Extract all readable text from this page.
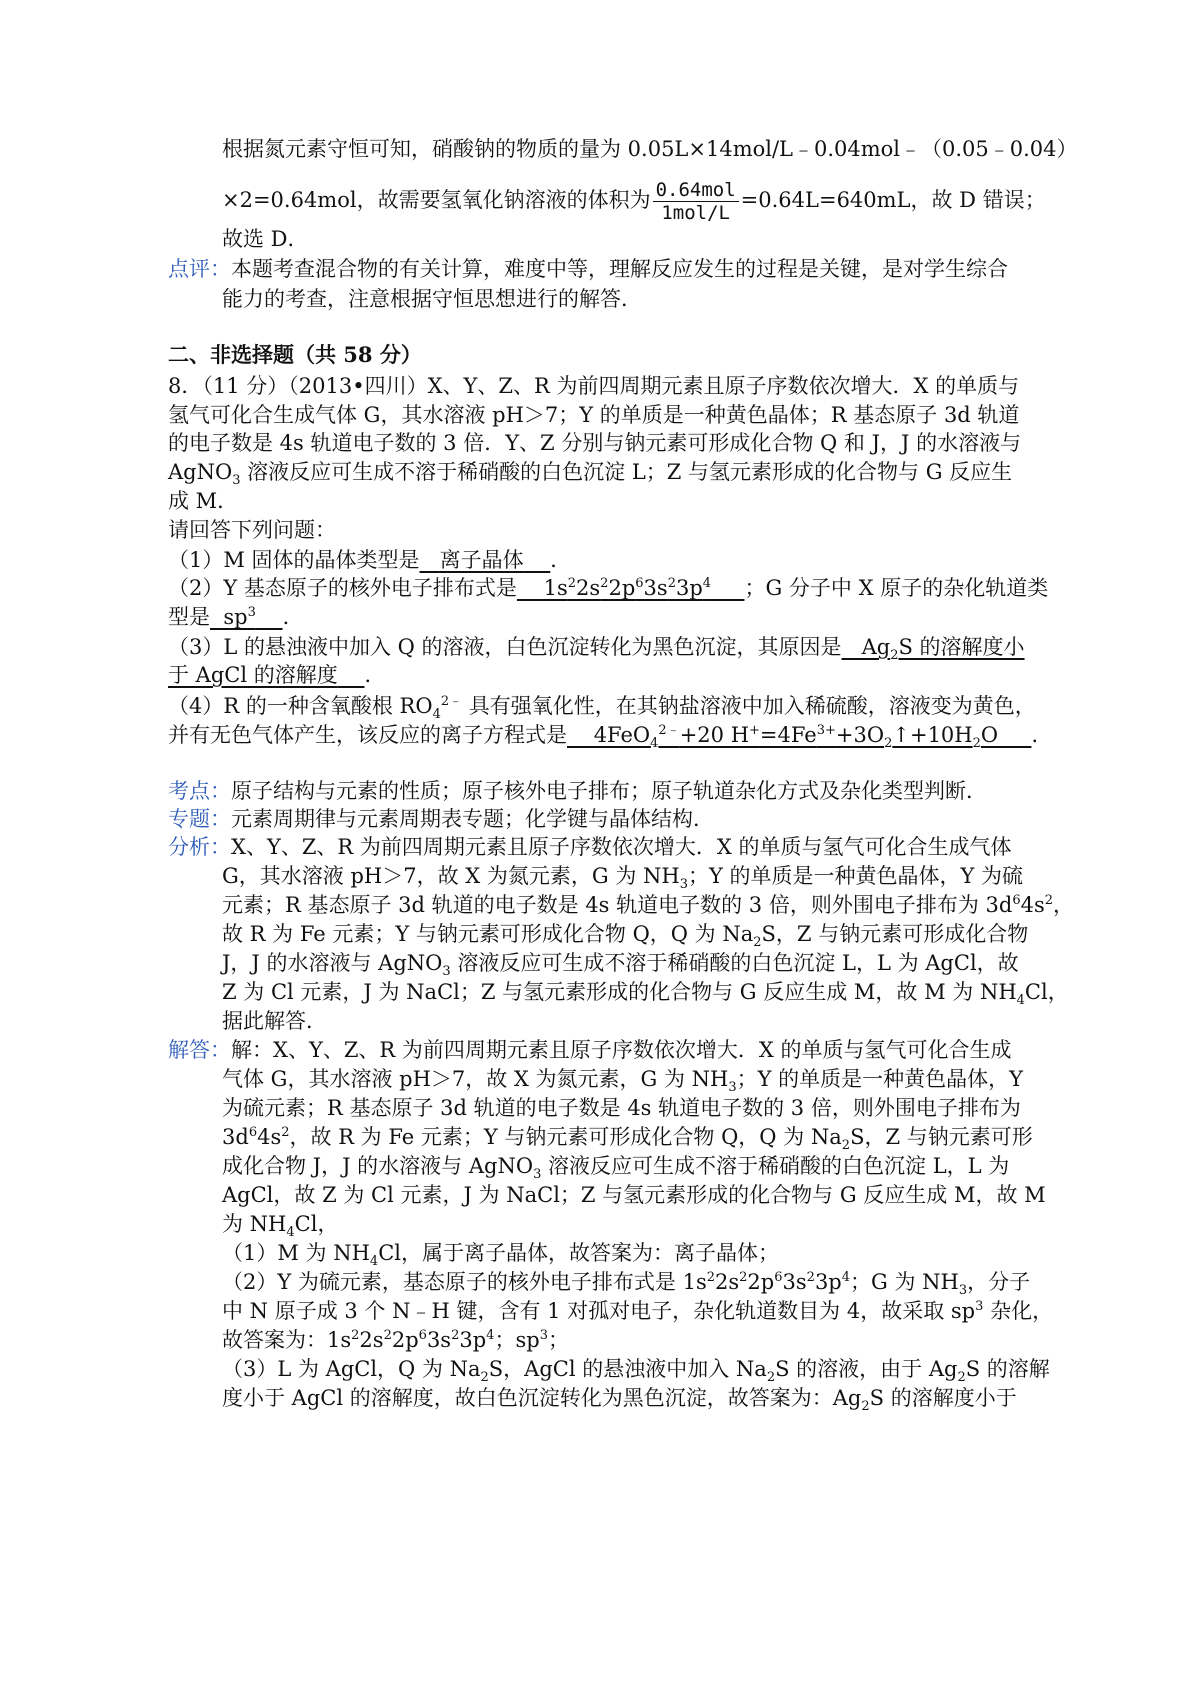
根据氮元素守恒可知，硝酸钠的物质的量为 0.05L×14mol/L﹣0.04mol﹣（0.05﹣0.04）
×2=0.64mol，故需要氢氧化钠溶液的体积为 $\frac{\text{0.64mol}}{\text{1mol/L}} =0.64L=640mL$，故 D 错误；
故选 D．
点评：本题考查混合物的有关计算，难度中等，理解反应发生的过程是关键，是对学生综合
能力的考查，注意根据守恒思想进行的解答．
二、非选择题（共 58 分）
8．（11 分）（2013•四川）X、Y、Z、R 为前四周期元素且原子序数依次增大．X 的单质与
氢气可化合生成气体 G，其水溶液 pH＞7；Y 的单质是一种黄色晶体；R 基态原子 3d 轨道
的电子数是 4s 轨道电子数的 3 倍．Y、Z 分别与钠元素可形成化合物 Q 和 J，J 的水溶液与
AgNO$_3$ 溶液反应可生成不溶于稀硝酸的白色沉淀 L；Z 与氢元素形成的化合物与 G 反应生
成 M．
请回答下列问题：
（1）M 固体的晶体类型是 离子晶体 ．
（2）Y 基态原子的核外电子排布式是    $1s^22s^22p^63s^23p^4$ ；G 分子中 X 原子的杂化轨道类
型是  $sp^3$ ．
（3）L 的悬浊液中加入 Q 的溶液，白色沉淀转化为黑色沉淀，其原因是 $Ag_2S$ 的溶解度小
于 AgCl 的溶解度 ．
（4）R 的一种含氧酸根 $RO_4^{2﹣}$ 具有强氧化性，在其钠盐溶液中加入稀硫酸，溶液变为黄色，
并有无色气体产生，该反应的离子方程式是    4FeO$_4^{2﹣}$+20 $H^+=4Fe^{3+}+3O_2↑+10H_2O$     ．
考点：原子结构与元素的性质；原子核外电子排布；原子轨道杂化方式及杂化类型判断．
专题：元素周期律与元素周期表专题；化学键与晶体结构．
分析：X、Y、Z、R 为前四周期元素且原子序数依次增大．X 的单质与氢气可化合生成气体
G，其水溶液 pH＞7，故 X 为氮元素，G 为 $NH_3$；Y 的单质是一种黄色晶体，Y 为硫
元素；R 基态原子 3d 轨道的电子数是 4s 轨道电子数的 3 倍，则外围电子排布为 $3d^64s^2$，
故 R 为 Fe 元素；Y 与钠元素可形成化合物 Q，Q 为 $Na_2S$，Z 与钠元素可形成化合物
J，J 的水溶液与 AgNO$_3$ 溶液反应可生成不溶于稀硝酸的白色沉淀 L，L 为 AgCl，故
Z 为 Cl 元素，J 为 NaCl；Z 与氢元素形成的化合物与 G 反应生成 M，故 M 为 $NH_4Cl$，
据此解答．
解答：解：X、Y、Z、R 为前四周期元素且原子序数依次增大．X 的单质与氢气可化合生成
气体 G，其水溶液 pH＞7，故 X 为氮元素，G 为 $NH_3$；Y 的单质是一种黄色晶体，Y
为硫元素；R 基态原子 3d 轨道的电子数是 4s 轨道电子数的 3 倍，则外围电子排布为
$3d^64s^2$，故 R 为 Fe 元素；Y 与钠元素可形成化合物 Q，Q 为 $Na_2S$，Z 与钠元素可形
成化合物 J，J 的水溶液与 AgNO$_3$ 溶液反应可生成不溶于稀硝酸的白色沉淀 L，L 为
AgCl，故 Z 为 Cl 元素，J 为 NaCl；Z 与氢元素形成的化合物与 G 反应生成 M，故 M
为 $NH_4Cl$，
（1）M 为 $NH_4Cl$，属于离子晶体，故答案为：离子晶体；
（2）Y 为硫元素，基态原子的核外电子排布式是 $1s^22s^22p^63s^23p^4$；G 为 $NH_3$，分子
中 N 原子成 3 个 N﹣H 键，含有 1 对孤对电子，杂化轨道数目为 4，故采取 $sp^3$ 杂化，
故答案为：$1s^22s^22p^63s^23p^4$；$sp^3$；
（3）L 为 AgCl，Q 为 $Na_2S$，AgCl 的悬浊液中加入 $Na_2S$ 的溶液，由于 $Ag_2S$ 的溶解
度小于 AgCl 的溶解度，故白色沉淀转化为黑色沉淀，故答案为：$Ag_2S$ 的溶解度小于
